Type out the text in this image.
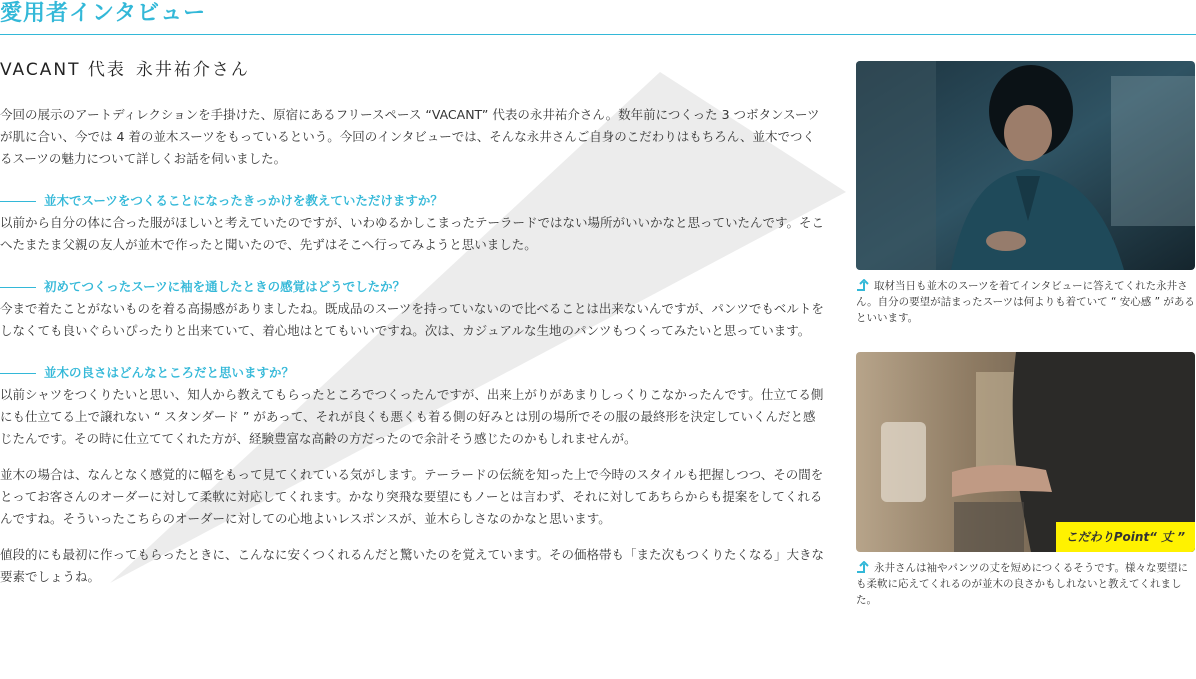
愛用者インタビュー
VACANT 代表 永井祐介さん

今回の展示のアートディレクションを手掛けた、原宿にあるフリースペース “VACANT” 代表の永井祐介さん。数年前につくった 3 つボタンスーツが肌に合い、今では 4 着の並木スーツをもっているという。今回のインタビューでは、そんな永井さんご自身のこだわりはもちろん、並木でつくるスーツの魅力について詳しくお話を伺いました。

並木でスーツをつくることになったきっかけを教えていただけますか？

以前から自分の体に合った服がほしいと考えていたのですが、いわゆるかしこまったテーラードではない場所がいいかなと思っていたんです。そこへたまたま父親の友人が並木で作ったと聞いたので、先ずはそこへ行ってみようと思いました。

初めてつくったスーツに袖を通したときの感覚はどうでしたか？

今まで着たことがないものを着る高揚感がありましたね。既成品のスーツを持っていないので比べることは出来ないんですが、パンツでもベルトをしなくても良いぐらいぴったりと出来ていて、着心地はとてもいいですね。次は、カジュアルな生地のパンツもつくってみたいと思っています。

並木の良さはどんなところだと思いますか？

以前シャツをつくりたいと思い、知人から教えてもらったところでつくったんですが、出来上がりがあまりしっくりこなかったんです。仕立てる側にも仕立てる上で譲れない “ スタンダード ” があって、それが良くも悪くも着る側の好みとは別の場所でその服の最終形を決定していくんだと感じたんです。その時に仕立ててくれた方が、経験豊富な高齢の方だったので余計そう感じたのかもしれませんが。

並木の場合は、なんとなく感覚的に幅をもって見てくれている気がします。テーラードの伝統を知った上で今時のスタイルも把握しつつ、その間をとってお客さんのオーダーに対して柔軟に対応してくれます。かなり突飛な要望にもノーとは言わず、それに対してあちらからも提案をしてくれるんですね。そういったこちらのオーダーに対しての心地よいレスポンスが、並木らしさなのかなと思います。

値段的にも最初に作ってもらったときに、こんなに安くつくれるんだと驚いたのを覚えています。その価格帯も「また次もつくりたくなる」大きな要素でしょうね。

取材当日も並木のスーツを着てインタビューに答えてくれた永井さん。自分の要望が詰まったスーツは何よりも着ていて “ 安心感 ” があるといいます。

こだわりPoint“ 丈 ”

永井さんは袖やパンツの丈を短めにつくるそうです。様々な要望にも柔軟に応えてくれるのが並木の良さかもしれないと教えてくれました。
